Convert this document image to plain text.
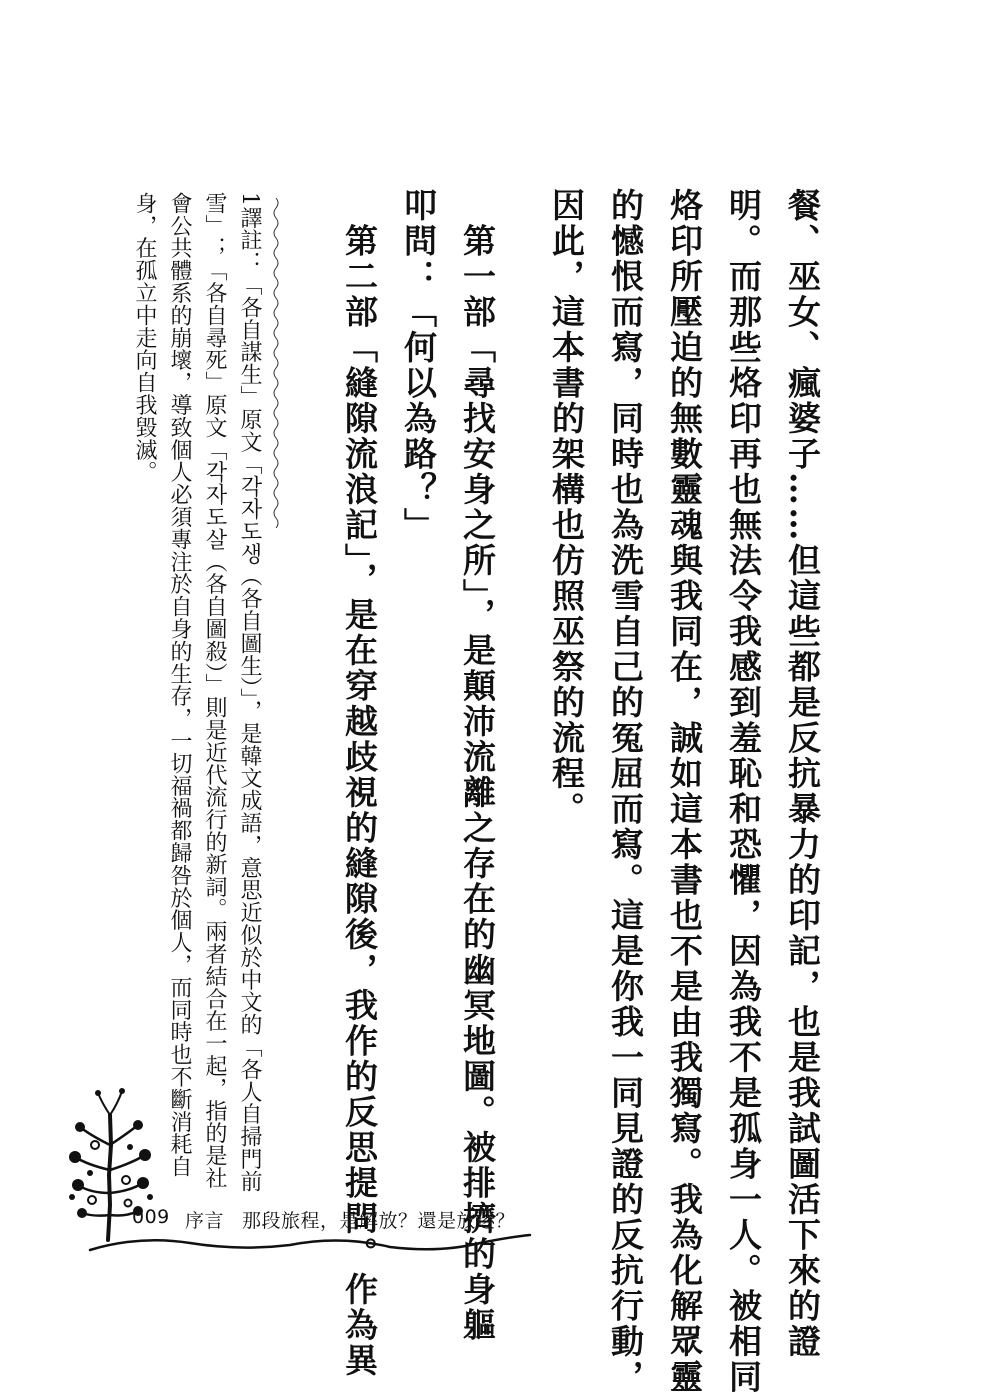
餐、巫女、瘋婆子……但這些都是反抗暴力的印記，也是我試圖活下來的證
明。而那些烙印再也無法令我感到羞恥和恐懼，因為我不是孤身一人。被相同
烙印所壓迫的無數靈魂與我同在，誠如這本書也不是由我獨寫。我為化解眾靈
的憾恨而寫，同時也為洗雪自己的冤屈而寫。這是你我一同見證的反抗行動，
因此，這本書的架構也仿照巫祭的流程。
　第一部「尋找安身之所」，是顛沛流離之存在的幽冥地圖。被排擠的身軀
叩問：「何以為路？」
　第二部「縫隙流浪記」，是在穿越歧視的縫隙後，我作的反思提問。作為異
1譯註：「各自謀生」原文「각자도생（各自圖生）」，是韓文成語，意思近似於中文的「各人自掃門前
雪」；「各自尋死」原文「각자도살（各自圖殺）」則是近代流行的新詞。兩者結合在一起，指的是社
會公共體系的崩壞，導致個人必須專注於自身的生存，一切福禍都歸咎於個人，而同時也不斷消耗自
身，在孤立中走向自我毀滅。
009 序言 那段旅程，是解放？還是放逐？
